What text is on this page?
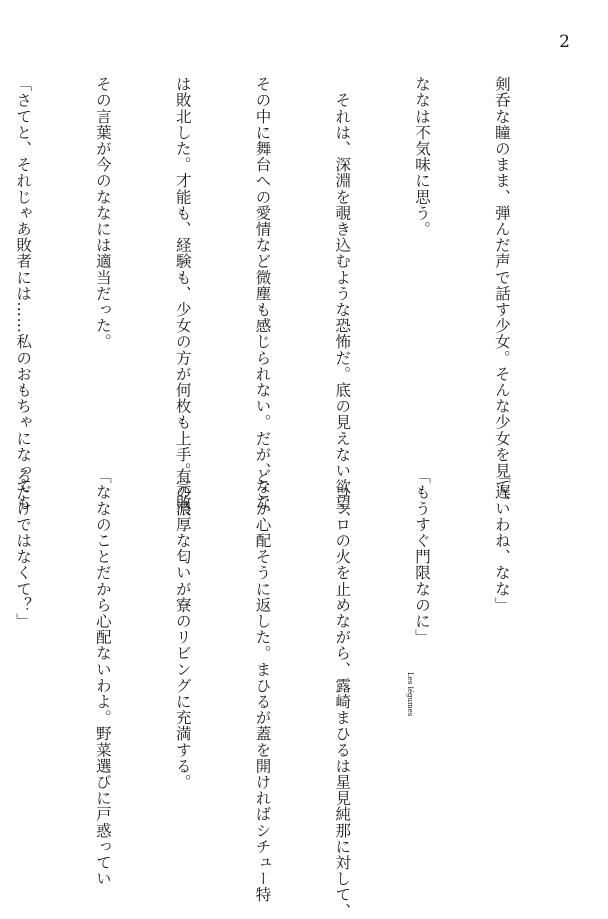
2

剣呑な瞳のまま、弾んだ声で話す少女。そんな少女を見て、

ななは不気味に思う。

　それは、深淵を覗き込むような恐怖だ。底の見えない欲望、

その中に舞台への愛情など微塵も感じられない。だが、なな

は敗北した。才能も、経験も、少女の方が何枚も上手。完敗、

その言葉が今のななには適当だった。

「さてと、それじゃあ敗者には……私のおもちゃになっても

「遅いわね、なな」

「もうすぐ門限なのに」

　コンロの火を止めながら、露崎まひるは星見純那に対して、

どこか心配そうに返した。まひるが蓋を開ければシチュー特

有の濃厚な匂いが寮のリビングに充満する。

「ななのことだから心配ないわよ。野菜選びに戸惑ってい

るだけではなくて？」

Les légumes
